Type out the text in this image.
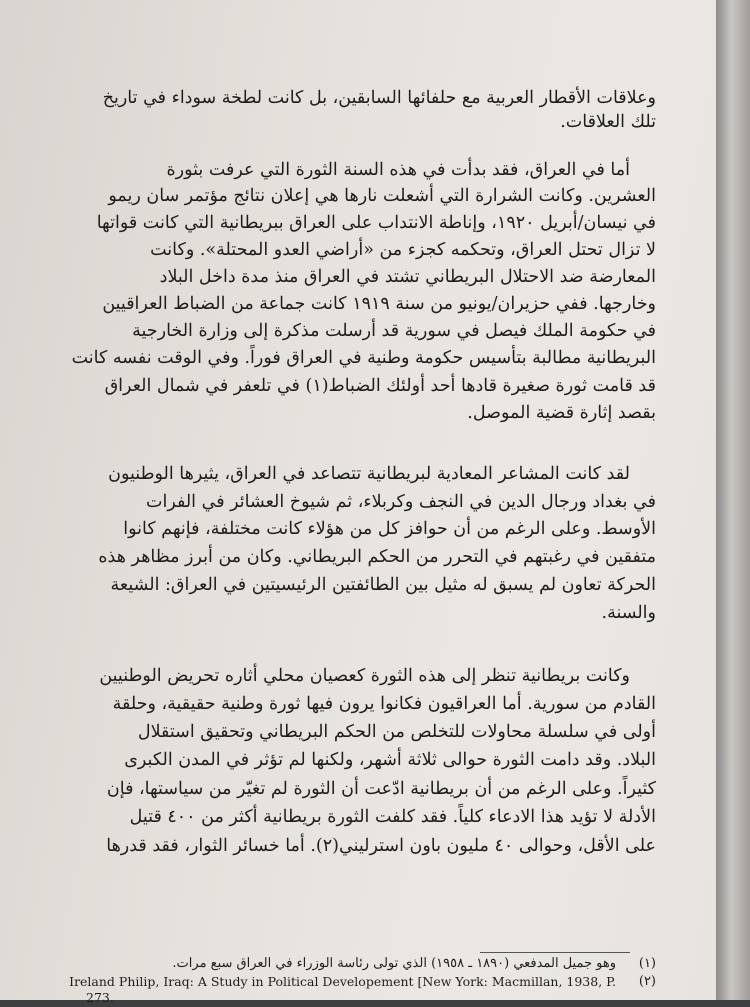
وعلاقات الأقطار العربية مع حلفائها السابقين، بل كانت لطخة سوداء في تاريخ
تلك العلاقات.
أما في العراق، فقد بدأت في هذه السنة الثورة التي عرفت بثورة
العشرين. وكانت الشرارة التي أشعلت نارها هي إعلان نتائج مؤتمر سان ريمو
في نيسان/أبريل ١٩٢٠، وإناطة الانتداب على العراق ببريطانية التي كانت قواتها
لا تزال تحتل العراق، وتحكمه كجزء من «أراضي العدو المحتلة». وكانت
المعارضة ضد الاحتلال البريطاني تشتد في العراق منذ مدة داخل البلاد
وخارجها. ففي حزيران/يونيو من سنة ١٩١٩ كانت جماعة من الضباط العراقيين
في حكومة الملك فيصل في سورية قد أرسلت مذكرة إلى وزارة الخارجية
البريطانية مطالبة بتأسيس حكومة وطنية في العراق فوراً. وفي الوقت نفسه كانت
قد قامت ثورة صغيرة قادها أحد أولئك الضباط(١) في تلعفر في شمال العراق
بقصد إثارة قضية الموصل.
لقد كانت المشاعر المعادية لبريطانية تتصاعد في العراق، يثيرها الوطنيون
في بغداد ورجال الدين في النجف وكربلاء، ثم شيوخ العشائر في الفرات
الأوسط. وعلى الرغم من أن حوافز كل من هؤلاء كانت مختلفة، فإنهم كانوا
متفقين في رغبتهم في التحرر من الحكم البريطاني. وكان من أبرز مظاهر هذه
الحركة تعاون لم يسبق له مثيل بين الطائفتين الرئيسيتين في العراق: الشيعة
والسنة.
وكانت بريطانية تنظر إلى هذه الثورة كعصيان محلي أثاره تحريض الوطنيين
القادم من سورية. أما العراقيون فكانوا يرون فيها ثورة وطنية حقيقية، وحلقة
أولى في سلسلة محاولات للتخلص من الحكم البريطاني وتحقيق استقلال
البلاد. وقد دامت الثورة حوالى ثلاثة أشهر، ولكنها لم تؤثر في المدن الكبرى
كثيراً. وعلى الرغم من أن بريطانية ادّعت أن الثورة لم تغيّر من سياستها، فإن
الأدلة لا تؤيد هذا الادعاء كلياً. فقد كلفت الثورة بريطانية أكثر من ٤٠٠ قتيل
على الأقل، وحوالى ٤٠ مليون باون استرليني(٢). أما خسائر الثوار، فقد قدرها
(١)
وهو جميل المدفعي (١٨٩٠ ـ ١٩٥٨) الذي تولى رئاسة الوزراء في العراق سبع مرات.
(٢)
Ireland Philip, Iraq: A Study in Political Developement [New York: Macmillan, 1938, P.
273.
